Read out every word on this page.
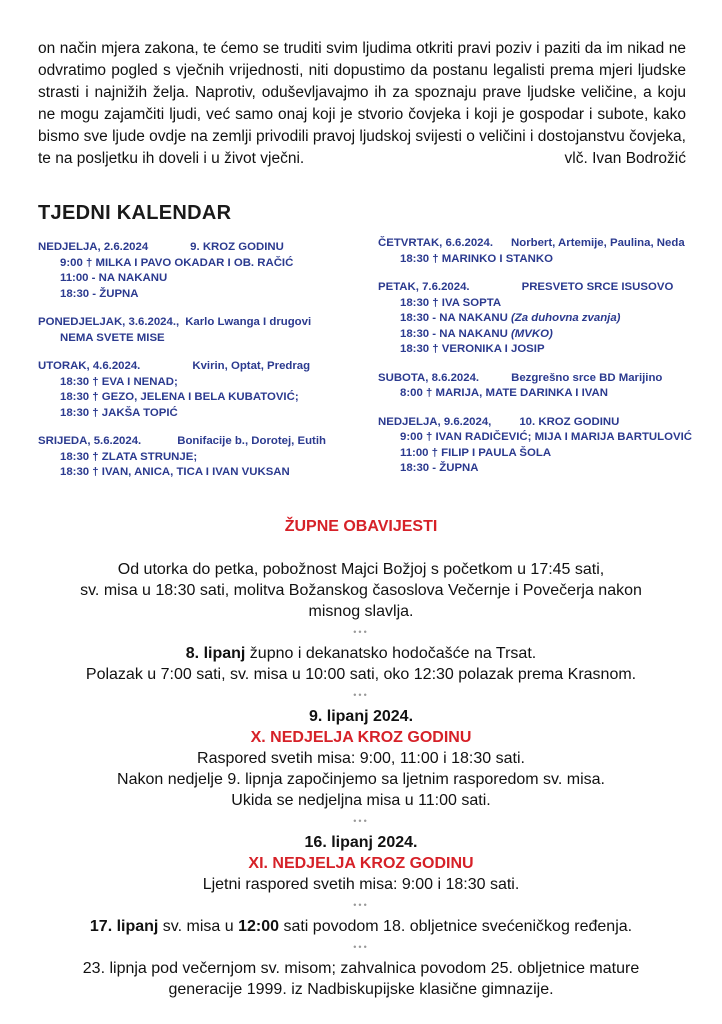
on način mjera zakona, te ćemo se truditi svim ljudima otkriti pravi poziv i paziti da im nikad ne odvratimo pogled s vječnih vrijednosti, niti dopustimo da postanu legalisti prema mjeri ljudske strasti i najnižih želja. Naprotiv, oduševljavajmo ih za spoznaju prave ljudske veličine, a koju ne mogu zajamčiti ljudi, već samo onaj koji je stvorio čovjeka i koji je gospodar i subote, kako bismo sve ljude ovdje na zemlji privodili pravoj ljudskoj svijesti o veličini i dostojanstvu čovjeka, te na posljetku ih doveli i u život vječni.	vlč. Ivan Bodrožić
TJEDNI KALENDAR
NEDJELJA, 2.6.2024	9. KROZ GODINU
9:00 † MILKA I PAVO OKADAR I OB. RAČIĆ
11:00 - NA NAKANU
18:30 - ŽUPNA
PONEDJELJAK, 3.6.2024., Karlo Lwanga I drugovi
NEMA SVETE MISE
UTORAK, 4.6.2024.	Kvirin, Optat, Predrag
18:30 † EVA I NENAD;
18:30 † GEZO, JELENA I BELA KUBATOVIĆ;
18:30 † JAKŠA TOPIĆ
SRIJEDA, 5.6.2024.	Bonifacije b., Dorotej, Eutih
18:30 † ZLATA STRUNJE;
18:30 † IVAN, ANICA, TICA I IVAN VUKSAN
ČETVRTAK, 6.6.2024. Norbert, Artemije, Paulina, Neda
18:30 † MARINKO I STANKO
PETAK, 7.6.2024.	PRESVETO SRCE ISUSOVO
18:30 † IVA SOPTA
18:30 - NA NAKANU (Za duhovna zvanja)
18:30 - NA NAKANU (MVKO)
18:30 † VERONIKA I JOSIP
SUBOTA, 8.6.2024.	Bezgrešno srce BD Marijino
8:00 † MARIJA, MATE DARINKA I IVAN
NEDJELJA, 9.6.2024, 10. KROZ GODINU
9:00 † IVAN RADIČEVIĆ; MIJA I MARIJA BARTULOVIĆ
11:00 † FILIP I PAULA ŠOLA
18:30 - ŽUPNA
ŽUPNE OBAVIJESTI
Od utorka do petka, pobožnost Majci Božjoj s početkom u 17:45 sati,
sv. misa u 18:30 sati, molitva Božanskog časoslova Večernje i Povečerja nakon
misnog slavlja.
•••
8. lipanj župno i dekanatsko hodočašće na Trsat.
Polazak u 7:00 sati, sv. misa u 10:00 sati, oko 12:30 polazak prema Krasnom.
•••
9. lipanj 2024.
X. NEDJELJA KROZ GODINU
Raspored svetih misa: 9:00, 11:00 i 18:30 sati.
Nakon nedjelje 9. lipnja započinjemo sa ljetnim rasporedom sv. misa.
Ukida se nedjeljna misa u 11:00 sati.
•••
16. lipanj 2024.
XI. NEDJELJA KROZ GODINU
Ljetni raspored svetih misa: 9:00 i 18:30 sati.
•••
17. lipanj sv. misa u 12:00 sati povodom 18. obljetnice svećeničkog ređenja.
•••
23. lipnja pod večernjom sv. misom; zahvalnica povodom 25. obljetnice mature
generacije 1999. iz Nadbiskupijske klasične gimnazije.
